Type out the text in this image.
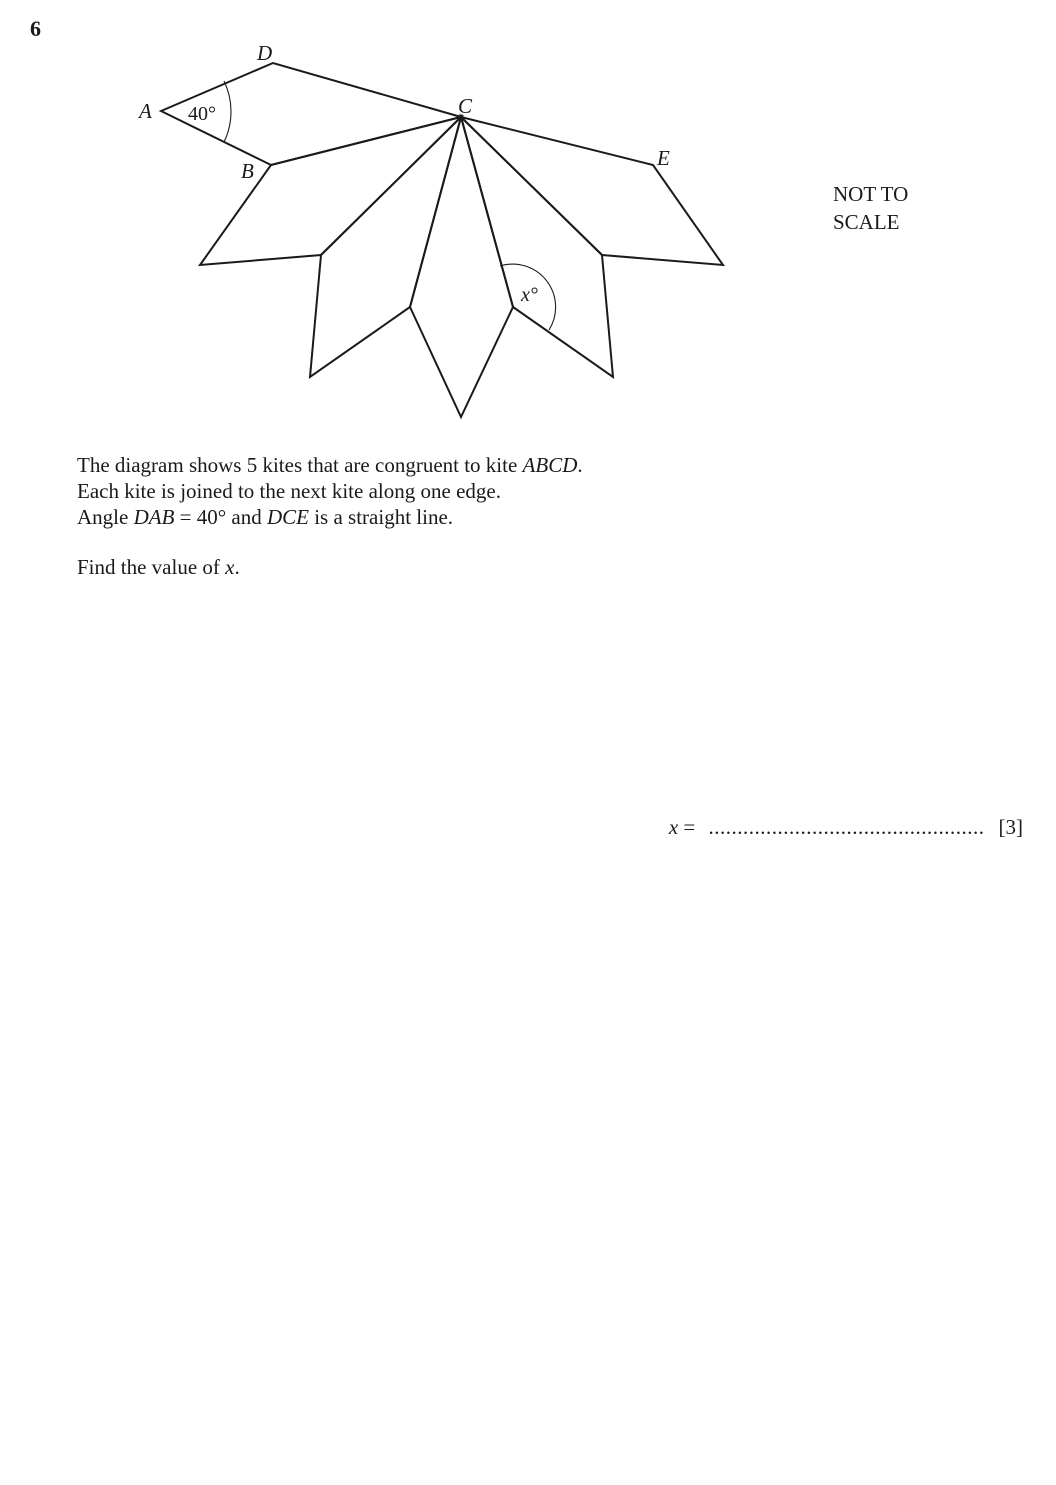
6
A
B
C
D
E
40°
x°
NOT TO
SCALE

The diagram shows 5 kites that are congruent to kite ABCD.

Each kite is joined to the next kite along one edge.

Angle DAB = 40° and DCE is a straight line.

Find the value of x.

x = ................................................ [3]
